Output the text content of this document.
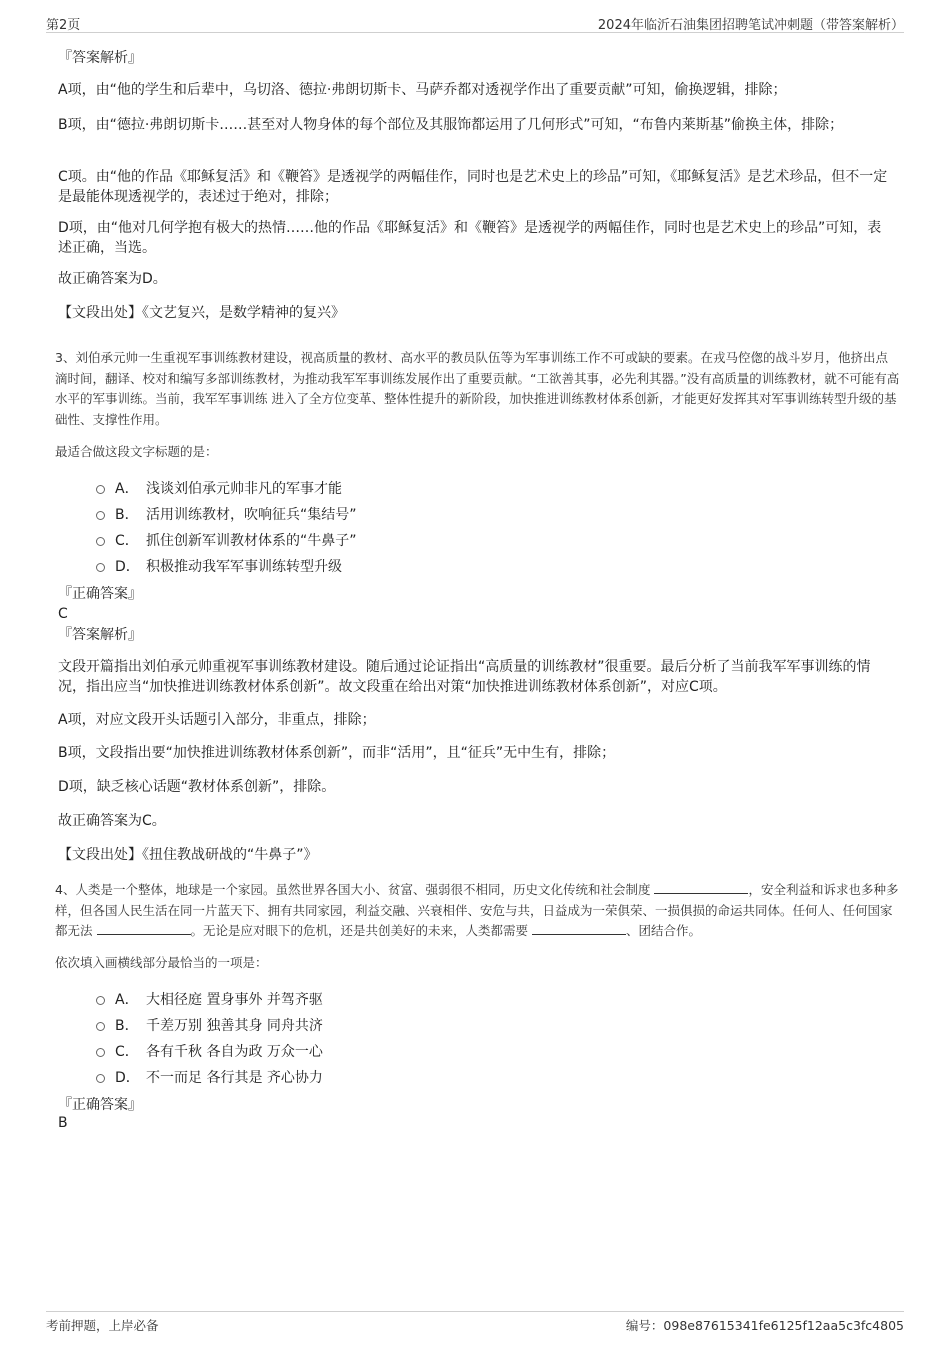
第2页	2024年临沂石油集团招聘笔试冲刺题（带答案解析）
『答案解析』

A项，由“他的学生和后辈中，乌切洛、德拉·弗朗切斯卡、马萨乔都对透视学作出了重要贡献”可知，偷换逻辑，排除；

B项，由“德拉·弗朗切斯卡……甚至对人物身体的每个部位及其服饰都运用了几何形式”可知，“布鲁内莱斯基”偷换主体，排除；

C项。由“他的作品《耶稣复活》和《鞭笞》是透视学的两幅佳作，同时也是艺术史上的珍品”可知，《耶稣复活》是艺术珍品，但不一定是最能体现透视学的，表述过于绝对，排除；

D项，由“他对几何学抱有极大的热情……他的作品《耶稣复活》和《鞭笞》是透视学的两幅佳作，同时也是艺术史上的珍品”可知，表述正确，当选。

故正确答案为D。

【文段出处】《文艺复兴，是数学精神的复兴》

3、刘伯承元帅一生重视军事训练教材建设，视高质量的教材、高水平的教员队伍等为军事训练工作不可或缺的要素。在戎马倥偬的战斗岁月，他挤出点滴时间，翻译、校对和编写多部训练教材，为推动我军军事训练发展作出了重要贡献。“工欲善其事，必先利其器。”没有高质量的训练教材，就不可能有高水平的军事训练。当前，我军军事训练 进入了全方位变革、整体性提升的新阶段，加快推进训练教材体系创新，才能更好发挥其对军事训练转型升级的基础性、支撑性作用。

最适合做这段文字标题的是：

A． 浅谈刘伯承元帅非凡的军事才能
B． 活用训练教材，吹响征兵“集结号”
C． 抓住创新军训教材体系的“牛鼻子”
D． 积极推动我军军事训练转型升级
『正确答案』
C
『答案解析』

文段开篇指出刘伯承元帅重视军事训练教材建设。随后通过论证指出“高质量的训练教材”很重要。最后分析了当前我军军事训练的情况，指出应当“加快推进训练教材体系创新”。故文段重在给出对策“加快推进训练教材体系创新”，对应C项。

A项，对应文段开头话题引入部分，非重点，排除；

B项，文段指出要“加快推进训练教材体系创新”，而非“活用”，且“征兵”无中生有，排除；

D项，缺乏核心话题“教材体系创新”，排除。

故正确答案为C。

【文段出处】《扭住教战研战的“牛鼻子”》

4、人类是一个整体，地球是一个家园。虽然世界各国大小、贫富、强弱很不相同，历史文化传统和社会制度	，安全利益和诉求也多种多样，但各国人民生活在同一片蓝天下、拥有共同家园，利益交融、兴衰相伴、安危与共，日益成为一荣俱荣、一损俱损的命运共同体。任何人、任何国家都无法	。无论是应对眼下的危机，还是共创美好的未来，人类都需要	、团结合作。

依次填入画横线部分最恰当的一项是：

A． 大相径庭 置身事外 并驾齐驱
B． 千差万别 独善其身 同舟共济
C． 各有千秋 各自为政 万众一心
D． 不一而足 各行其是 齐心协力
『正确答案』
B
考前押题，上岸必备	编号：098e87615341fe6125f12aa5c3fc4805
